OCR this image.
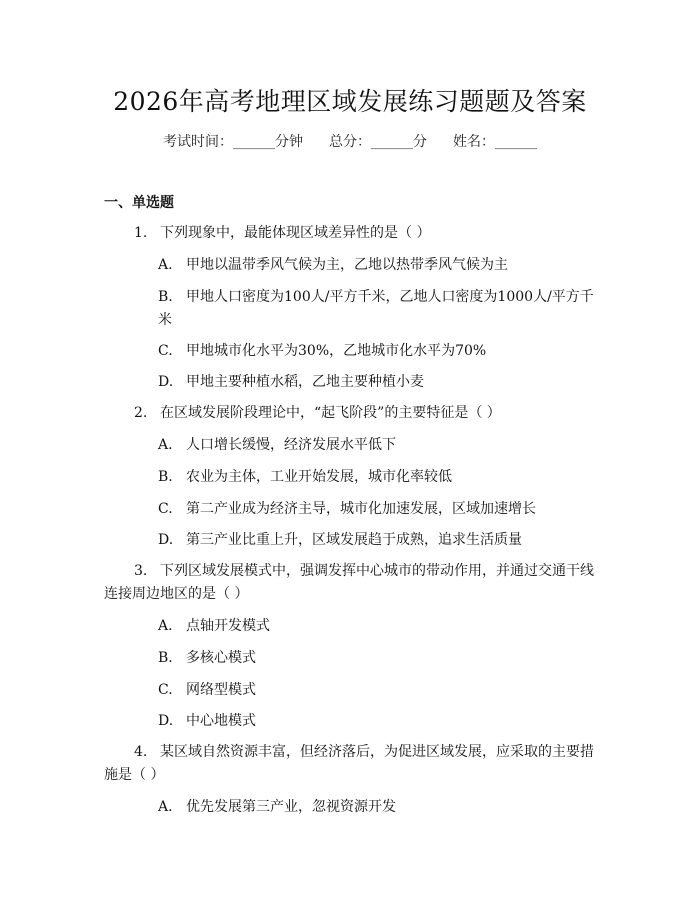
2026年高考地理区域发展练习题题及答案
考试时间：______分钟 总分：______分 姓名：______
一、单选题
1. 下列现象中，最能体现区域差异性的是（ ）
A. 甲地以温带季风气候为主，乙地以热带季风气候为主
B. 甲地人口密度为100人/平方千米，乙地人口密度为1000人/平方千米
C. 甲地城市化水平为30%，乙地城市化水平为70%
D. 甲地主要种植水稻，乙地主要种植小麦
2. 在区域发展阶段理论中，“起飞阶段”的主要特征是（ ）
A. 人口增长缓慢，经济发展水平低下
B. 农业为主体，工业开始发展，城市化率较低
C. 第二产业成为经济主导，城市化加速发展，区域加速增长
D. 第三产业比重上升，区域发展趋于成熟，追求生活质量
3. 下列区域发展模式中，强调发挥中心城市的带动作用，并通过交通干线连接周边地区的是（ ）
A. 点轴开发模式
B. 多核心模式
C. 网络型模式
D. 中心地模式
4. 某区域自然资源丰富，但经济落后，为促进区域发展，应采取的主要措施是（ ）
A. 优先发展第三产业，忽视资源开发
